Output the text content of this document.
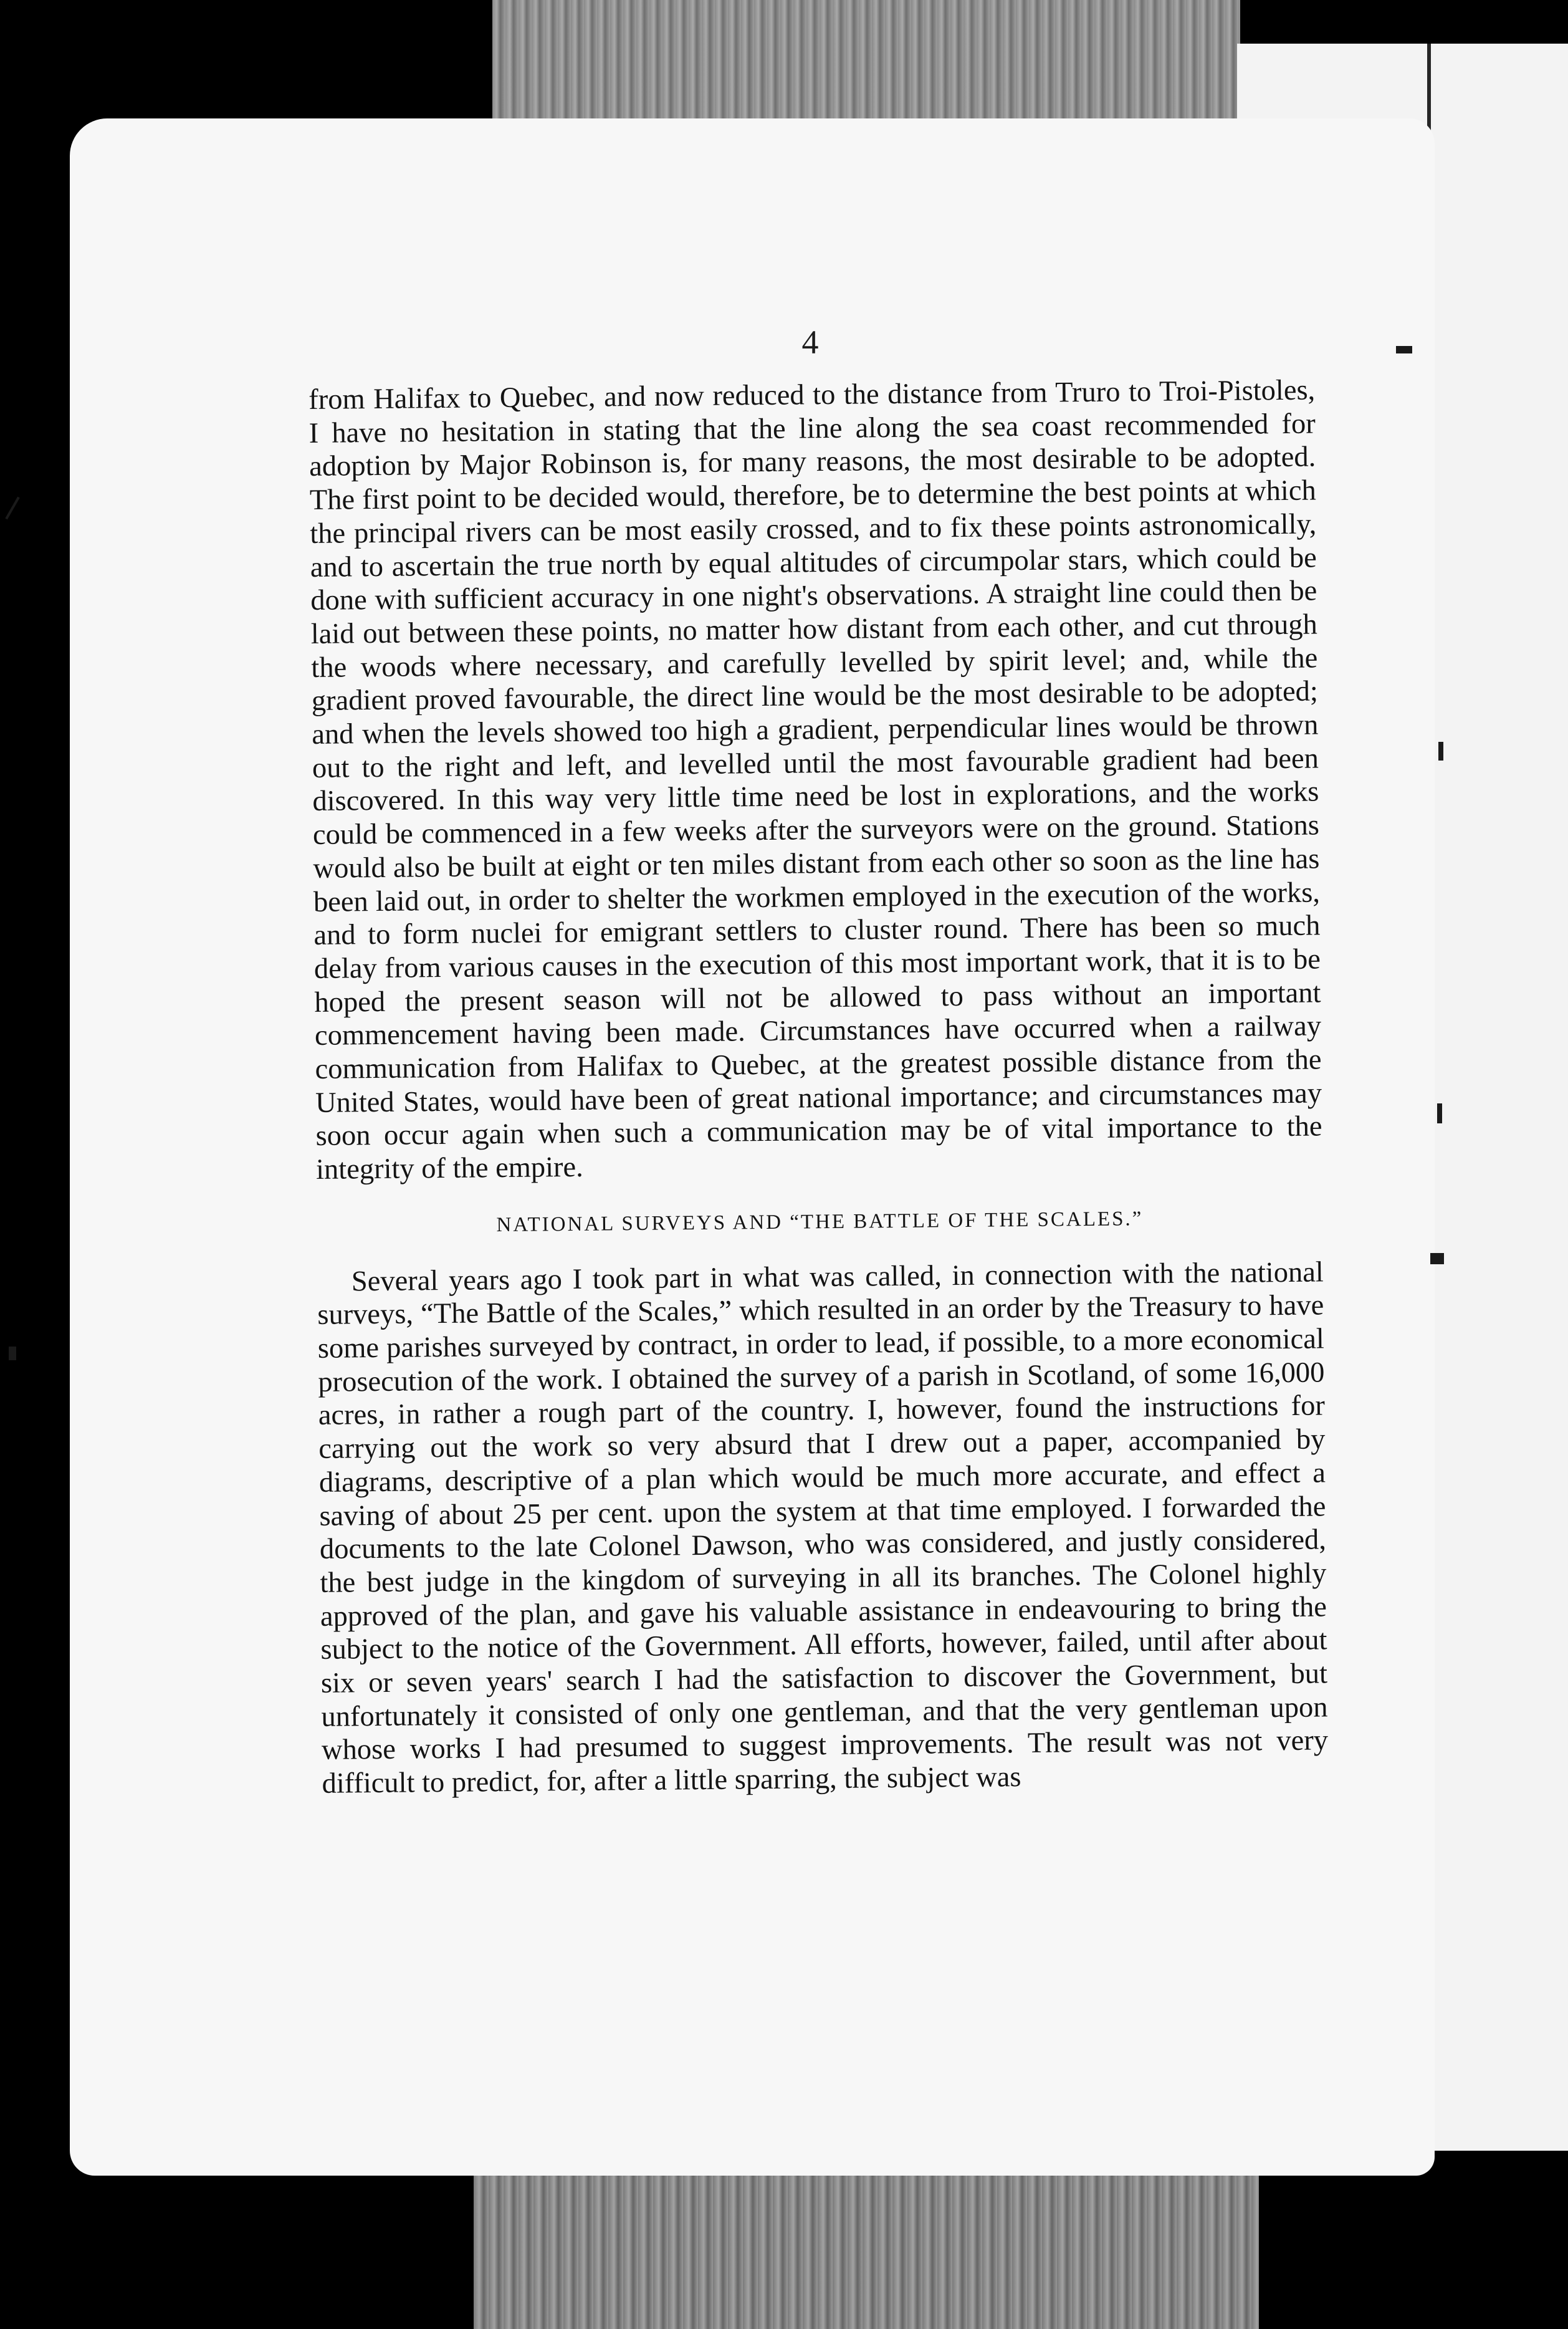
4

from Halifax to Quebec, and now reduced to the distance from Truro to Troi-Pistoles, I have no hesitation in stating that the line along the sea coast recommended for adoption by Major Robinson is, for many reasons, the most desirable to be adopted. The first point to be decided would, therefore, be to determine the best points at which the principal rivers can be most easily crossed, and to fix these points astronomically, and to ascertain the true north by equal altitudes of circumpolar stars, which could be done with sufficient accuracy in one night's observations. A straight line could then be laid out between these points, no matter how distant from each other, and cut through the woods where necessary, and carefully levelled by spirit level; and, while the gradient proved favourable, the direct line would be the most desirable to be adopted; and when the levels showed too high a gradient, perpendicular lines would be thrown out to the right and left, and levelled until the most favourable gradient had been discovered. In this way very little time need be lost in explorations, and the works could be commenced in a few weeks after the surveyors were on the ground. Stations would also be built at eight or ten miles distant from each other so soon as the line has been laid out, in order to shelter the workmen employed in the execution of the works, and to form nuclei for emigrant settlers to cluster round. There has been so much delay from various causes in the execution of this most important work, that it is to be hoped the present season will not be allowed to pass without an important commencement having been made. Circumstances have occurred when a railway communication from Halifax to Quebec, at the greatest possible distance from the United States, would have been of great national importance; and circumstances may soon occur again when such a communication may be of vital importance to the integrity of the empire.

NATIONAL SURVEYS AND “THE BATTLE OF THE SCALES.”

Several years ago I took part in what was called, in connection with the national surveys, “The Battle of the Scales,” which resulted in an order by the Treasury to have some parishes surveyed by contract, in order to lead, if possible, to a more economical prosecution of the work. I obtained the survey of a parish in Scotland, of some 16,000 acres, in rather a rough part of the country. I, however, found the instructions for carrying out the work so very absurd that I drew out a paper, accompanied by diagrams, descriptive of a plan which would be much more accurate, and effect a saving of about 25 per cent. upon the system at that time employed. I forwarded the documents to the late Colonel Dawson, who was considered, and justly considered, the best judge in the kingdom of surveying in all its branches. The Colonel highly approved of the plan, and gave his valuable assistance in endeavouring to bring the subject to the notice of the Government. All efforts, however, failed, until after about six or seven years' search I had the satisfaction to discover the Government, but unfortunately it consisted of only one gentleman, and that the very gentleman upon whose works I had presumed to suggest improvements. The result was not very difficult to predict, for, after a little sparring, the subject was
